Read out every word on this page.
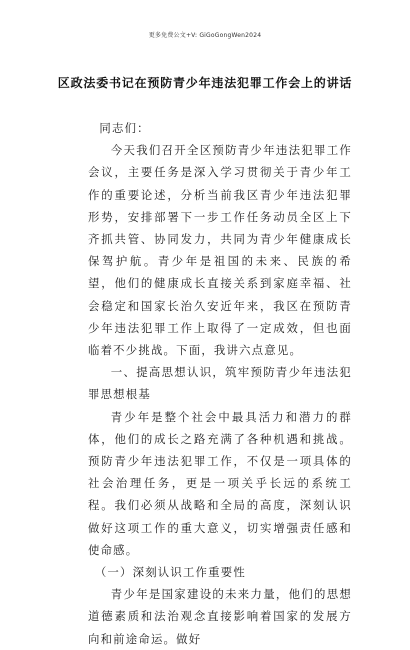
更多免费公文+V: GiGoGongWen2024
区政法委书记在预防青少年违法犯罪工作会上的讲话

同志们：

今天我们召开全区预防青少年违法犯罪工作会议，主要任务是深入学习贯彻关于青少年工作的重要论述，分析当前我区青少年违法犯罪形势，安排部署下一步工作任务动员全区上下齐抓共管、协同发力，共同为青少年健康成长保驾护航。青少年是祖国的未来、民族的希望，他们的健康成长直接关系到家庭幸福、社会稳定和国家长治久安近年来，我区在预防青少年违法犯罪工作上取得了一定成效，但也面临着不少挑战。下面，我讲六点意见。

一、提高思想认识，筑牢预防青少年违法犯罪思想根基

青少年是整个社会中最具活力和潜力的群体，他们的成长之路充满了各种机遇和挑战。预防青少年违法犯罪工作，不仅是一项具体的社会治理任务，更是一项关乎长远的系统工程。我们必须从战略和全局的高度，深刻认识做好这项工作的重大意义，切实增强责任感和使命感。

（一）深刻认识工作重要性

青少年是国家建设的未来力量，他们的思想道德素质和法治观念直接影响着国家的发展方向和前途命运。做好
